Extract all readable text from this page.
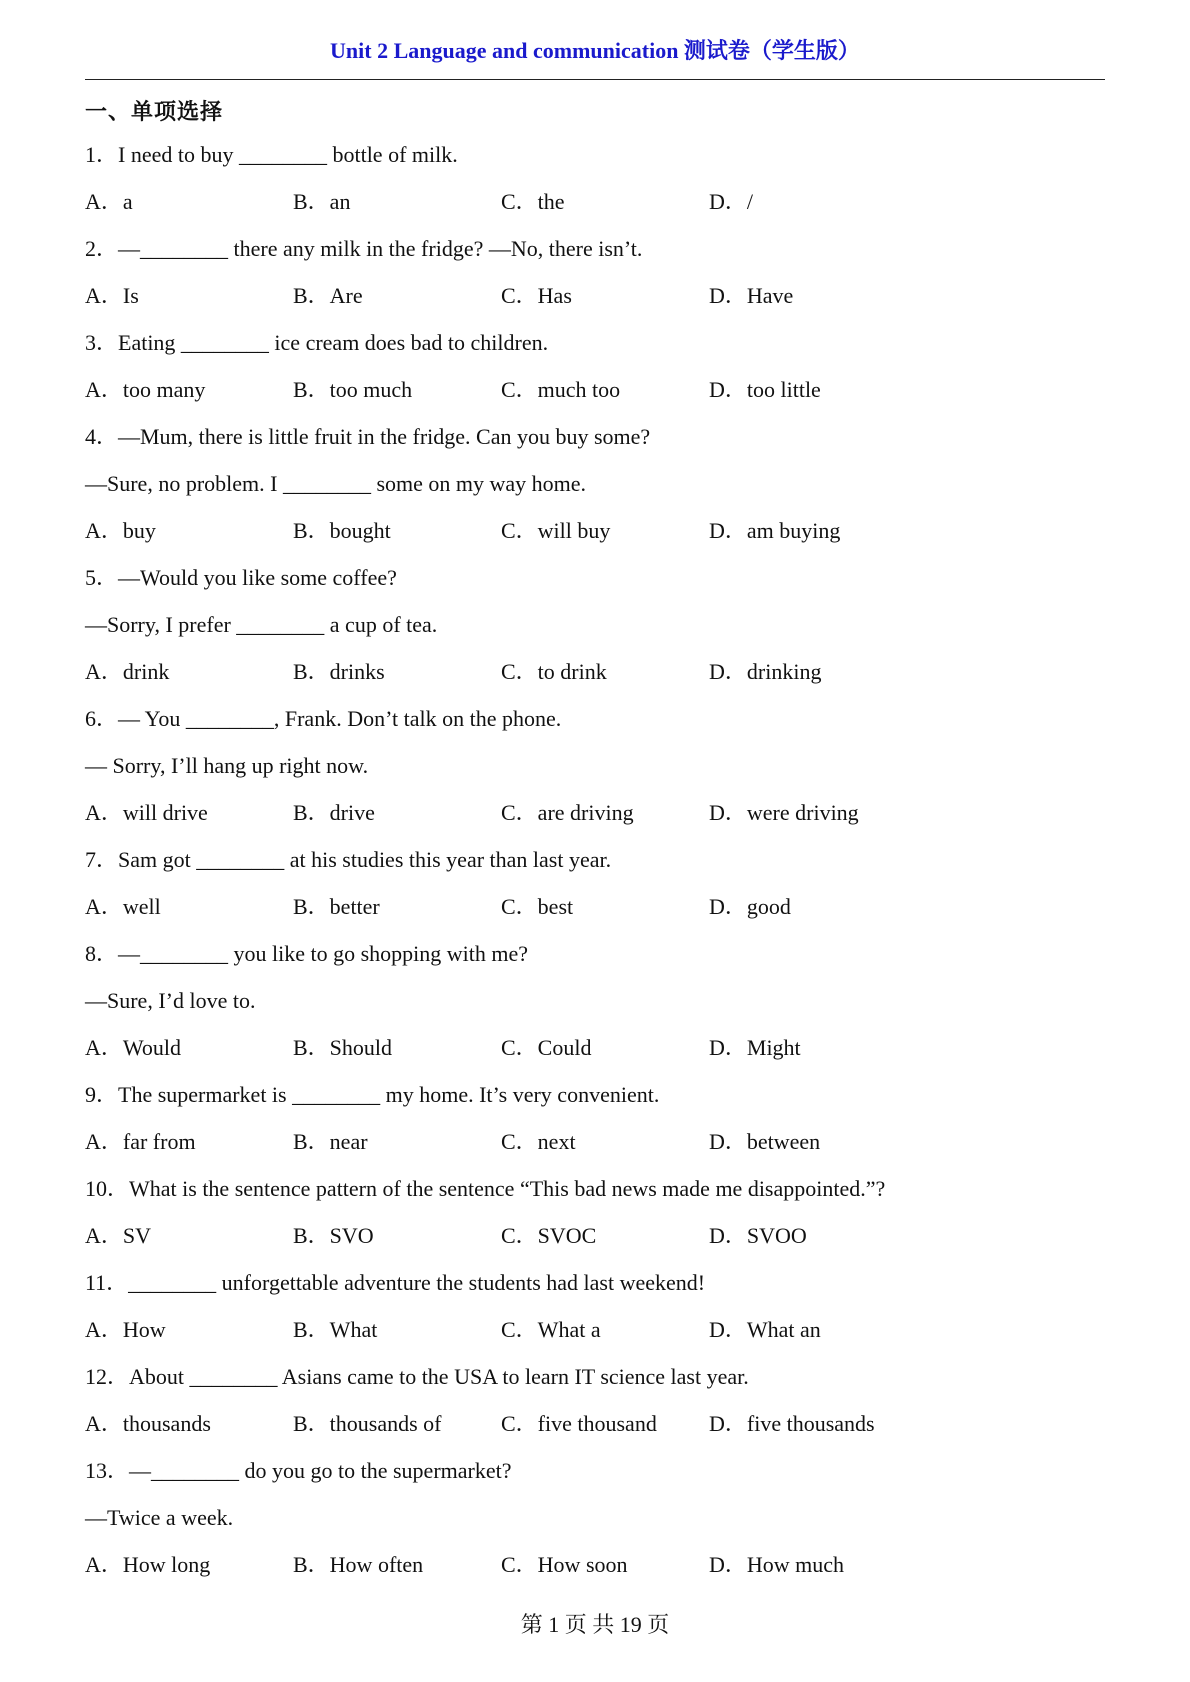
Unit 2 Language and communication 测试卷（学生版）
一、单项选择
1．I need to buy ________ bottle of milk.
A．a	B．an	C．the	D．/
2．—________ there any milk in the fridge? —No, there isn’t.
A．Is	B．Are	C．Has	D．Have
3．Eating ________ ice cream does bad to children.
A．too many	B．too much	C．much too	D．too little
4．—Mum, there is little fruit in the fridge. Can you buy some?
—Sure, no problem. I ________ some on my way home.
A．buy	B．bought	C．will buy	D．am buying
5．—Would you like some coffee?
—Sorry, I prefer ________ a cup of tea.
A．drink	B．drinks	C．to drink	D．drinking
6．— You ________, Frank. Don’t talk on the phone.
— Sorry, I’ll hang up right now.
A．will drive	B．drive	C．are driving	D．were driving
7．Sam got ________ at his studies this year than last year.
A．well	B．better	C．best	D．good
8．—________ you like to go shopping with me?
—Sure, I’d love to.
A．Would	B．Should	C．Could	D．Might
9．The supermarket is ________ my home. It’s very convenient.
A．far from	B．near	C．next	D．between
10．What is the sentence pattern of the sentence “This bad news made me disappointed.”?
A．SV	B．SVO	C．SVOC	D．SVOO
11．________ unforgettable adventure the students had last weekend!
A．How	B．What	C．What a	D．What an
12．About ________ Asians came to the USA to learn IT science last year.
A．thousands	B．thousands of	C．five thousand	D．five thousands
13．—________ do you go to the supermarket?
—Twice a week.
A．How long	B．How often	C．How soon	D．How much
第 1 页 共 19 页
